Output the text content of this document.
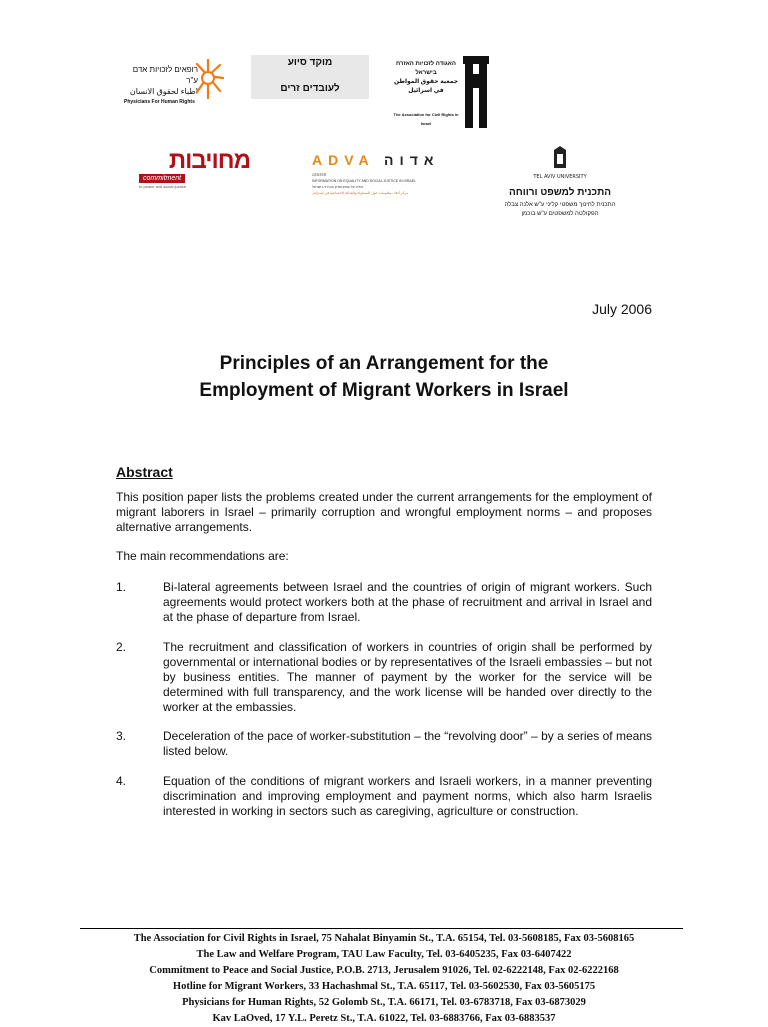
רופאים לזכויות אדם ע"ר
اطباء لحقوق الانسان
Physicians For Human Rights
מוקד סיוע
לעובדים זרים
האגודה לזכויות האזרח בישראל
جمعية حقوق المواطن في اسرائيل
The Association for Civil Rights in Israel
מחויבות
commitment
to peace and social justice
ADVA אדוה
CENTER
INFORMATION ON EQUALITY AND SOCIAL JUSTICE IN ISRAEL
מידע על שוויון וצדק חברתי בישראל
مركز أدفا - معلومات حول المساواة والعدالة الاجتماعية في إسرائيل
TEL AVIV UNIVERSITY
התכנית למשפט ורווחה
התכנית לחינוך משפטי קליני ע"ש אלנה צבלה
הפקולטה למשפטים ע"ש בוכמן
July 2006
Principles of an Arrangement for the
Employment of Migrant Workers in Israel
Abstract
This position paper lists the problems created under the current arrangements for the employment of migrant laborers in Israel – primarily corruption and wrongful employment norms – and proposes alternative arrangements.
The main recommendations are:
1.	Bi-lateral agreements between Israel and the countries of origin of migrant workers. Such agreements would protect workers both at the phase of recruitment and arrival in Israel and at the phase of departure from Israel.
2.	The recruitment and classification of workers in countries of origin shall be performed by governmental or international bodies or by representatives of the Israeli embassies – but not by business entities. The manner of payment by the worker for the service will be determined with full transparency, and the work license will be handed over directly to the worker at the embassies.
3.	Deceleration of the pace of worker-substitution – the “revolving door” – by a series of means listed below.
4.	Equation of the conditions of migrant workers and Israeli workers, in a manner preventing discrimination and improving employment and payment norms, which also harm Israelis interested in working in sectors such as caregiving, agriculture or construction.
The Association for Civil Rights in Israel, 75 Nahalat Binyamin St., T.A. 65154, Tel. 03-5608185, Fax 03-5608165
The Law and Welfare Program, TAU Law Faculty, Tel. 03-6405235, Fax 03-6407422
Commitment to Peace and Social Justice, P.O.B. 2713, Jerusalem 91026, Tel. 02-6222148, Fax 02-6222168
Hotline for Migrant Workers, 33 Hachashmal St., T.A. 65117, Tel. 03-5602530, Fax 03-5605175
Physicians for Human Rights, 52 Golomb St., T.A. 66171, Tel. 03-6783718, Fax 03-6873029
Kav LaOved, 17 Y.L. Peretz St., T.A. 61022, Tel. 03-6883766, Fax 03-6883537
